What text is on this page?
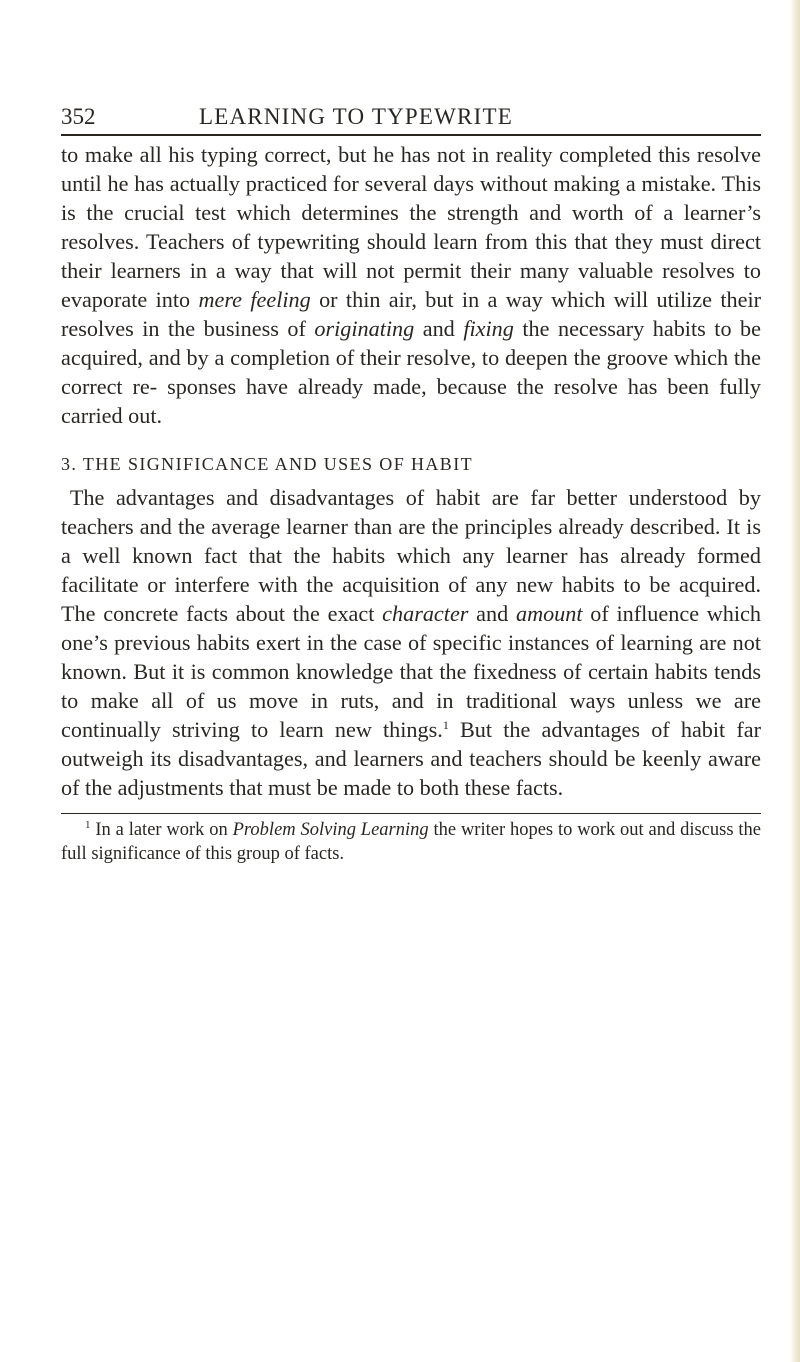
352	LEARNING TO TYPEWRITE

to make all his typing correct, but he has not in reality completed this resolve until he has actually practiced for several days without making a mistake. This is the crucial test which determines the strength and worth of a learner’s resolves. Teachers of typewriting should learn from this that they must direct their learners in a way that will not permit their many valuable resolves to evaporate into mere feeling or thin air, but in a way which will utilize their resolves in the business of originating and fixing the necessary habits to be acquired, and by a completion of their resolve, to deepen the groove which the correct re- sponses have already made, because the resolve has been fully carried out.

3. THE SIGNIFICANCE AND USES OF HABIT

The advantages and disadvantages of habit are far better understood by teachers and the average learner than are the principles already described. It is a well known fact that the habits which any learner has already formed facilitate or interfere with the acquisition of any new habits to be acquired. The concrete facts about the exact character and amount of influence which one’s previous habits exert in the case of specific instances of learning are not known. But it is common knowledge that the fixedness of certain habits tends to make all of us move in ruts, and in traditional ways unless we are continually striving to learn new things.$^1$ But the advantages of habit far outweigh its disadvantages, and learners and teachers should be keenly aware of the adjustments that must be made to both these facts.

$^1$ In a later work on Problem Solving Learning the writer hopes to work out and discuss the full significance of this group of facts.
